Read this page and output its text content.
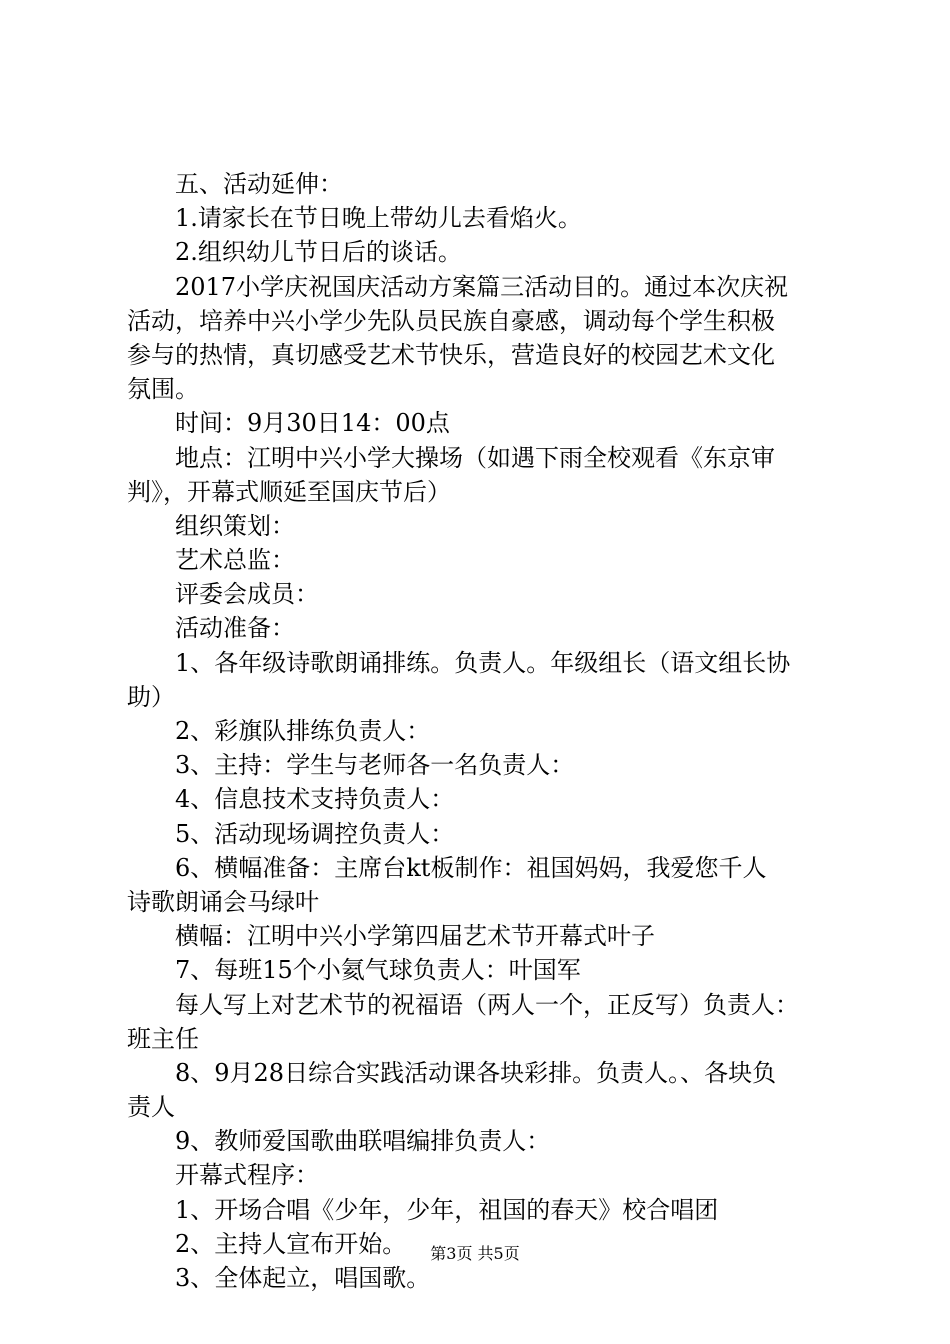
五、活动延伸：
1.请家长在节日晚上带幼儿去看焰火。
2.组织幼儿节日后的谈话。
2017小学庆祝国庆活动方案篇三活动目的。通过本次庆祝
活动，培养中兴小学少先队员民族自豪感，调动每个学生积极
参与的热情，真切感受艺术节快乐，营造良好的校园艺术文化
氛围。
时间：9月30日14：00点
地点：江明中兴小学大操场（如遇下雨全校观看《东京审
判》，开幕式顺延至国庆节后）
组织策划：
艺术总监：
评委会成员：
活动准备：
1、各年级诗歌朗诵排练。负责人。年级组长（语文组长协
助）
2、彩旗队排练负责人：
3、主持：学生与老师各一名负责人：
4、信息技术支持负责人：
5、活动现场调控负责人：
6、横幅准备：主席台kt板制作：祖国妈妈，我爱您千人
诗歌朗诵会马绿叶
横幅：江明中兴小学第四届艺术节开幕式叶子
7、每班15个小氦气球负责人：叶国军
每人写上对艺术节的祝福语（两人一个，正反写）负责人：
班主任
8、9月28日综合实践活动课各块彩排。负责人。、各块负
责人
9、教师爱国歌曲联唱编排负责人：
开幕式程序：
1、开场合唱《少年，少年，祖国的春天》校合唱团
2、主持人宣布开始。
3、全体起立，唱国歌。
第3页 共5页
